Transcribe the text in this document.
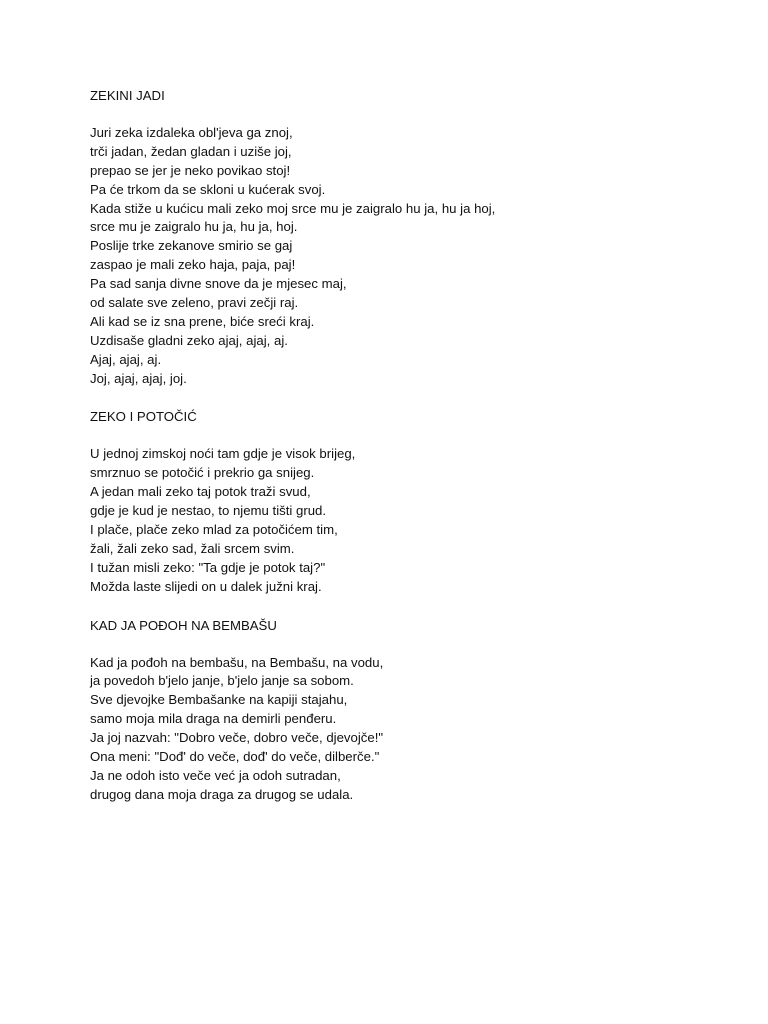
ZEKINI JADI
Juri zeka izdaleka obl'jeva ga znoj,
trči jadan, žedan gladan i uziše joj,
prepao se jer je neko povikao stoj!
Pa će trkom da se skloni u kućerak svoj.
Kada stiže u kućicu mali zeko moj srce mu je zaigralo hu ja, hu ja hoj,
srce mu je zaigralo hu ja, hu ja, hoj.
Poslije trke zekanove smirio se gaj
zaspao je mali zeko haja, paja, paj!
Pa sad sanja divne snove da je mjesec maj,
od salate sve zeleno, pravi zečji raj.
Ali kad se iz sna prene, biće sreći kraj.
Uzdisaše gladni zeko ajaj, ajaj, aj.
Ajaj, ajaj, aj.
Joj, ajaj, ajaj, joj.
ZEKO I POTOČIĆ
U jednoj zimskoj noći tam gdje je visok brijeg,
smrznuo se potočić i prekrio ga snijeg.
A jedan mali zeko taj potok traži svud,
gdje je kud je nestao, to njemu tišti grud.
I plače, plače zeko mlad za potočićem tim,
žali, žali zeko sad, žali srcem svim.
I tužan misli zeko: "Ta gdje je potok taj?"
Možda laste slijedi on u dalek južni kraj.
KAD JA POĐOH NA BEMBAŠU
Kad ja pođoh na bembašu, na Bembašu, na vodu,
ja povedoh b'jelo janje, b'jelo janje sa sobom.
Sve djevojke Bembašanke na kapiji stajahu,
samo moja mila draga na demirli penđeru.
Ja joj nazvah: "Dobro veče, dobro veče, djevojče!"
Ona meni: "Dođ' do veče, dođ' do veče, dilberče."
Ja ne odoh isto veče već ja odoh sutradan,
drugog dana moja draga za drugog se udala.
